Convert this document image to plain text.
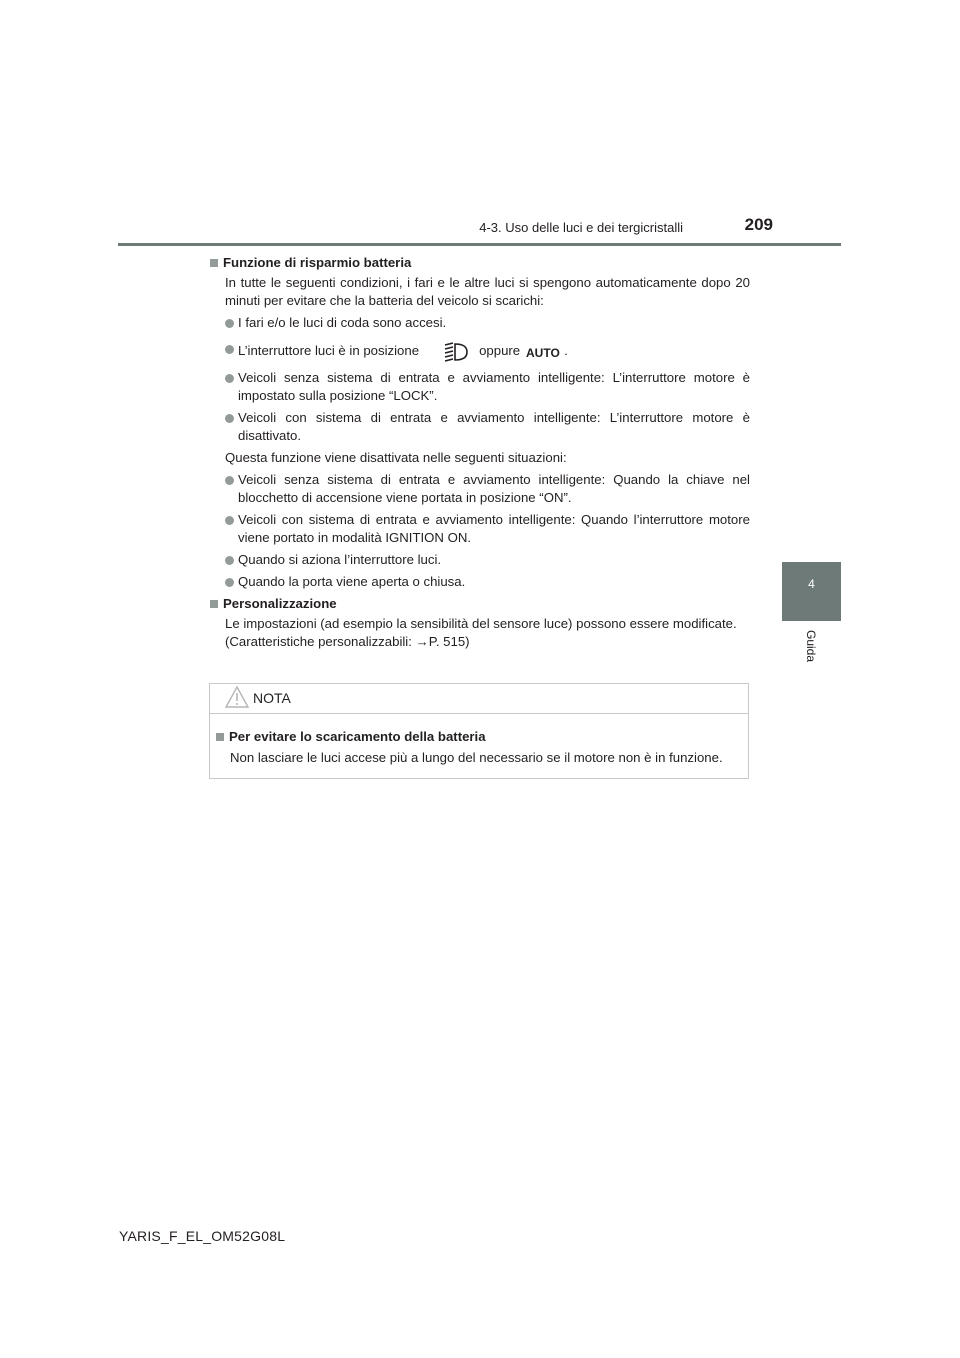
4-3. Uso delle luci e dei tergicristalli	209
4
Guida

Funzione di risparmio batteria

In tutte le seguenti condizioni, i fari e le altre luci si spengono automaticamente dopo 20 minuti per evitare che la batteria del veicolo si scarichi:

I fari e/o le luci di coda sono accesi.
L’interruttore luci è in posizione	oppure AUTO .
Veicoli senza sistema di entrata e avviamento intelligente: L’interruttore motore è impostato sulla posizione “LOCK”.
Veicoli con sistema di entrata e avviamento intelligente: L’interruttore motore è disattivato.

Questa funzione viene disattivata nelle seguenti situazioni:

Veicoli senza sistema di entrata e avviamento intelligente: Quando la chiave nel blocchetto di accensione viene portata in posizione “ON”.
Veicoli con sistema di entrata e avviamento intelligente: Quando l’interruttore motore viene portato in modalità IGNITION ON.
Quando si aziona l’interruttore luci.
Quando la porta viene aperta o chiusa.

Personalizzazione

Le impostazioni (ad esempio la sensibilità del sensore luce) possono essere modificate.

(Caratteristiche personalizzabili: →P. 515)

NOTA
Per evitare lo scaricamento della batteria
Non lasciare le luci accese più a lungo del necessario se il motore non è in funzione.
YARIS_F_EL_OM52G08L
